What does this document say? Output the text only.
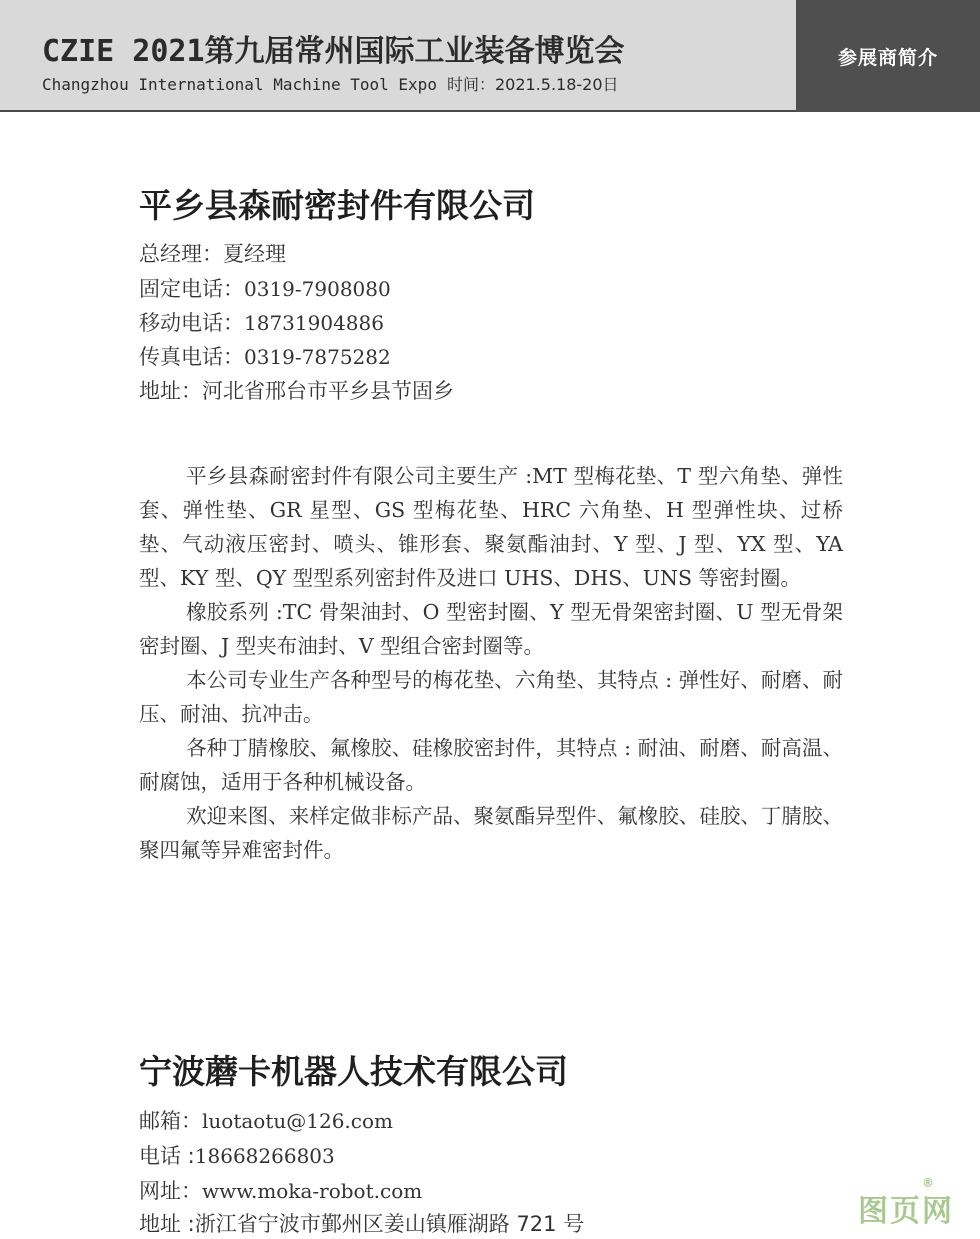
CZIE 2021第九届常州国际工业装备博览会
Changzhou International Machine Tool Expo 时间：2021.5.18-20日
参展商简介
平乡县森耐密封件有限公司
总经理：夏经理
固定电话：0319-7908080
移动电话：18731904886
传真电话：0319-7875282
地址：河北省邢台市平乡县节固乡

平乡县森耐密封件有限公司主要生产 :MT 型梅花垫、T 型六角垫、弹性套、弹性垫、GR 星型、GS 型梅花垫、HRC 六角垫、H 型弹性块、过桥垫、气动液压密封、喷头、锥形套、聚氨酯油封、Y 型、J 型、YX 型、YA 型、KY 型、QY 型型系列密封件及进口 UHS、DHS、UNS 等密封圈。

橡胶系列 :TC 骨架油封、O 型密封圈、Y 型无骨架密封圈、U 型无骨架密封圈、J 型夹布油封、V 型组合密封圈等。

本公司专业生产各种型号的梅花垫、六角垫、其特点 : 弹性好、耐磨、耐压、耐油、抗冲击。

各种丁腈橡胶、氟橡胶、硅橡胶密封件，其特点 : 耐油、耐磨、耐高温、耐腐蚀，适用于各种机械设备。

欢迎来图、来样定做非标产品、聚氨酯异型件、氟橡胶、硅胶、丁腈胶、聚四氟等异难密封件。

宁波蘑卡机器人技术有限公司
邮箱：luotaotu@126.com
电话 :18668266803
网址：www.moka-robot.com
地址 :浙江省宁波市鄞州区姜山镇雁湖路 721 号	图页网
®
